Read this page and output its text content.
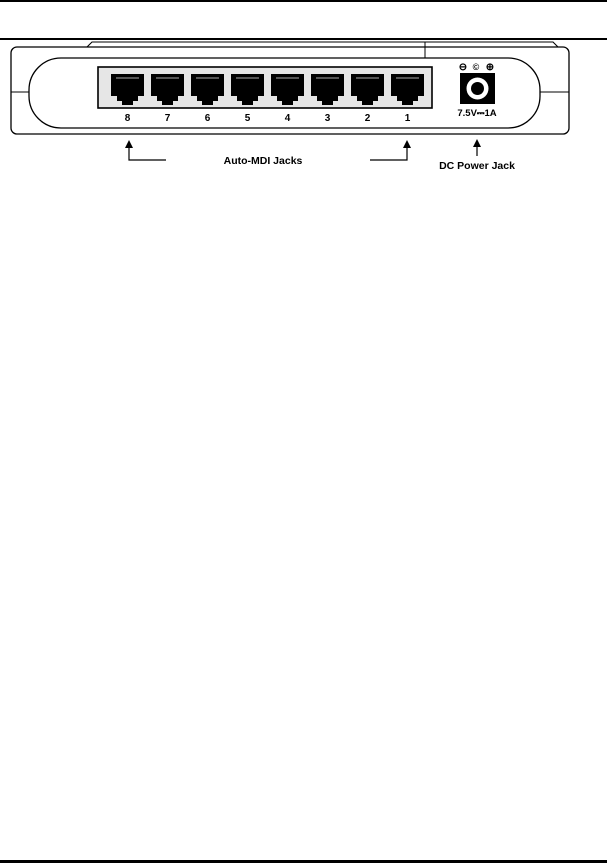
8	7	6	5	4	3	2	1
⊖ © ⊕
7.5V⎓1A
Auto-MDI Jacks	DC Power Jack
